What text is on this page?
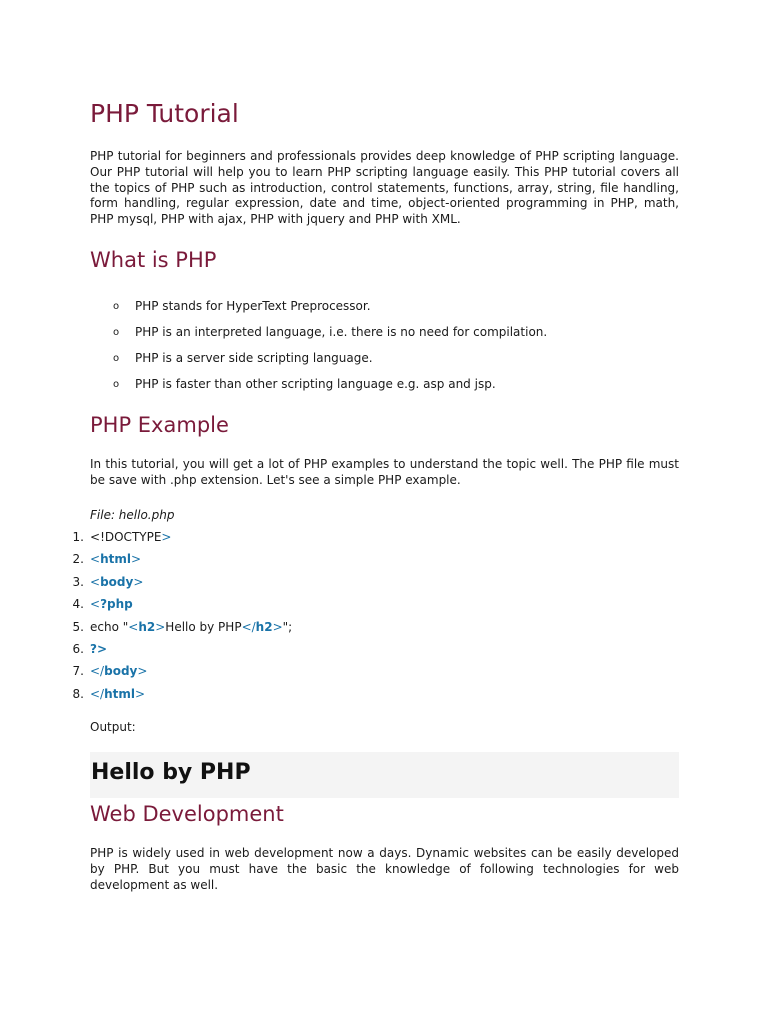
PHP Tutorial

PHP tutorial for beginners and professionals provides deep knowledge of PHP scripting language. Our PHP tutorial will help you to learn PHP scripting language easily. This PHP tutorial covers all the topics of PHP such as introduction, control statements, functions, array, string, file handling, form handling, regular expression, date and time, object-oriented programming in PHP, math, PHP mysql, PHP with ajax, PHP with jquery and PHP with XML.

What is PHP
o PHP stands for HyperText Preprocessor.
o PHP is an interpreted language, i.e. there is no need for compilation.
o PHP is a server side scripting language.
o PHP is faster than other scripting language e.g. asp and jsp.
PHP Example

In this tutorial, you will get a lot of PHP examples to understand the topic well. The PHP file must be save with .php extension. Let's see a simple PHP example.

File: hello.php
1. <!DOCTYPE>
2. <html>
3. <body>
4. <?php
5. echo "<h2>Hello by PHP</h2>";
6. ?>
7. </body>
8. </html>
Output:
Hello by PHP
Web Development

PHP is widely used in web development now a days. Dynamic websites can be easily developed by PHP. But you must have the basic the knowledge of following technologies for web development as well.
